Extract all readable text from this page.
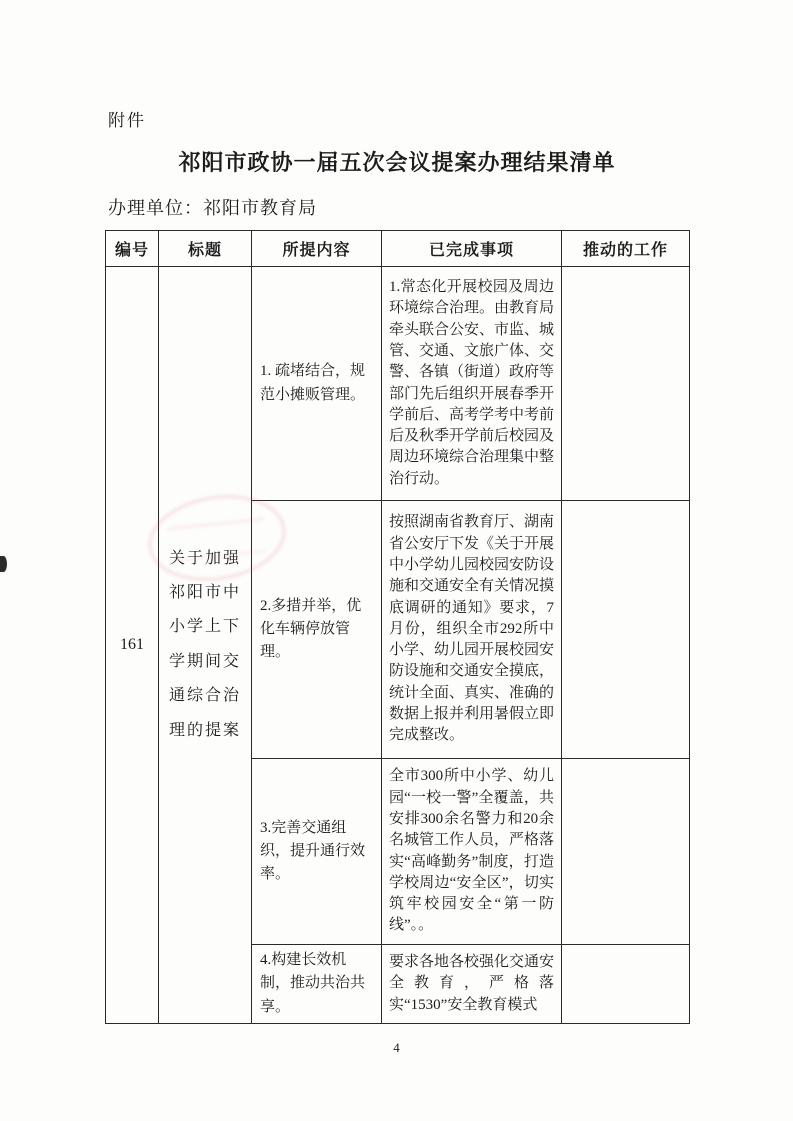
附件
祁阳市政协一届五次会议提案办理结果清单
办理单位：祁阳市教育局
编号	标题	所提内容	已完成事项	推动的工作
161	关于加强祁阳市中小学上下学期间交通综合治理的提案	1. 疏堵结合，规范小摊贩管理。	1.常态化开展校园及周边环境综合治理。由教育局牵头联合公安、市监、城管、交通、文旅广体、交警、各镇（街道）政府等部门先后组织开展春季开学前后、高考学考中考前后及秋季开学前后校园及周边环境综合治理集中整治行动。	
		2.多措并举，优化车辆停放管理。	按照湖南省教育厅、湖南省公安厅下发《关于开展中小学幼儿园校园安防设施和交通安全有关情况摸底调研的通知》要求，7月份，组织全市292所中小学、幼儿园开展校园安防设施和交通安全摸底，统计全面、真实、准确的数据上报并利用暑假立即完成整改。	
		3.完善交通组织，提升通行效率。	全市300所中小学、幼儿园“一校一警”全覆盖，共安排300余名警力和20余名城管工作人员，严格落实“高峰勤务”制度，打造学校周边“安全区”，切实筑牢校园安全“第一防线”。。	
		4.构建长效机制，推动共治共享。	要求各地各校强化交通安全教育，严格落实“1530”安全教育模式	
4
